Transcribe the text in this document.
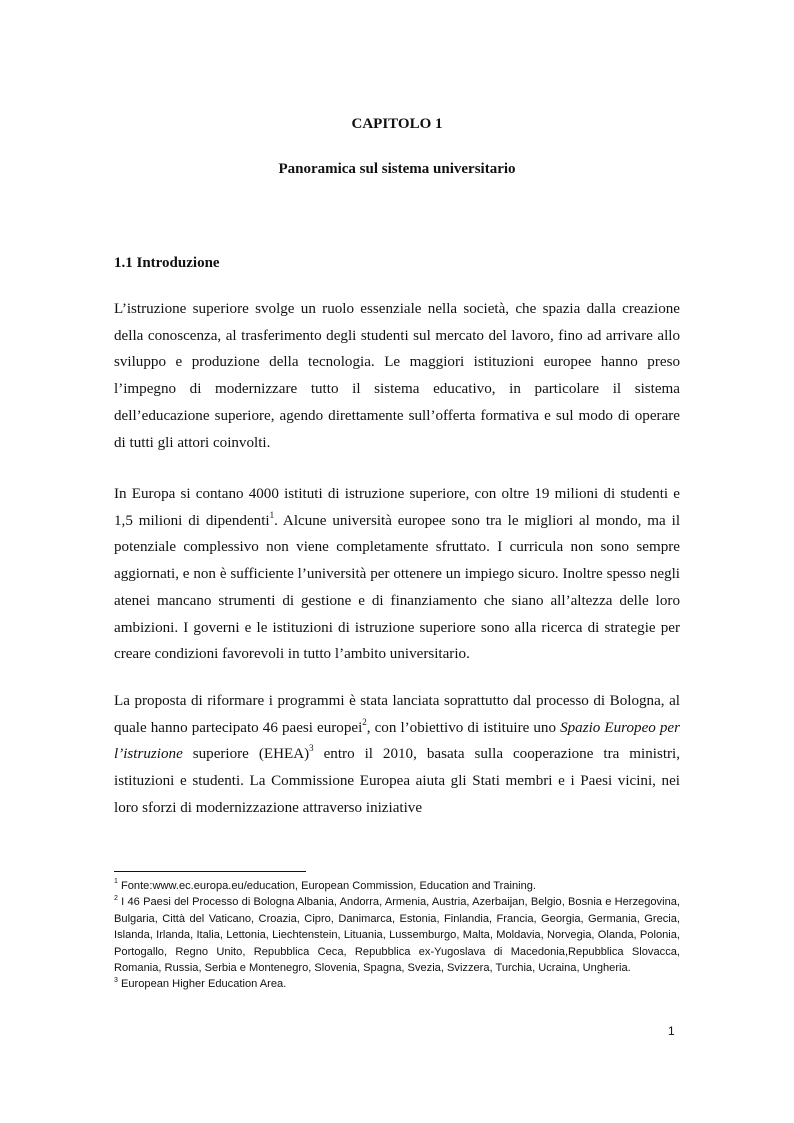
CAPITOLO 1
Panoramica sul sistema universitario
1.1 Introduzione
L’istruzione superiore svolge un ruolo essenziale nella società, che spazia dalla creazione della conoscenza, al trasferimento degli studenti sul mercato del lavoro, fino ad arrivare allo sviluppo e produzione della tecnologia. Le maggiori istituzioni europee hanno preso l’impegno di modernizzare tutto il sistema educativo, in particolare il sistema dell’educazione superiore, agendo direttamente sull’offerta formativa e sul modo di operare di tutti gli attori coinvolti.
In Europa si contano 4000 istituti di istruzione superiore, con oltre 19 milioni di studenti e 1,5 milioni di dipendenti$^1$. Alcune università europee sono tra le migliori al mondo, ma il potenziale complessivo non viene completamente sfruttato. I curricula non sono sempre aggiornati, e non è sufficiente l’università per ottenere un impiego sicuro. Inoltre spesso negli atenei mancano strumenti di gestione e di finanziamento che siano all’altezza delle loro ambizioni. I governi e le istituzioni di istruzione superiore sono alla ricerca di strategie per creare condizioni favorevoli in tutto l’ambito universitario.
La proposta di riformare i programmi è stata lanciata soprattutto dal processo di Bologna, al quale hanno partecipato 46 paesi europei$^2$, con l’obiettivo di istituire uno Spazio Europeo per l’istruzione superiore (EHEA)$^3$ entro il 2010, basata sulla cooperazione tra ministri, istituzioni e studenti. La Commissione Europea aiuta gli Stati membri e i Paesi vicini, nei loro sforzi di modernizzazione attraverso iniziative

$^1$ Fonte:www.ec.europa.eu/education, European Commission, Education and Training.

$^2$ I 46 Paesi del Processo di Bologna Albania, Andorra, Armenia, Austria, Azerbaijan, Belgio, Bosnia e Herzegovina, Bulgaria, Città del Vaticano, Croazia, Cipro, Danimarca, Estonia, Finlandia, Francia, Georgia, Germania, Grecia, Islanda, Irlanda, Italia, Lettonia, Liechtenstein, Lituania, Lussemburgo, Malta, Moldavia, Norvegia, Olanda, Polonia, Portogallo, Regno Unito, Repubblica Ceca, Repubblica ex-Yugoslava di Macedonia,Repubblica Slovacca, Romania, Russia, Serbia e Montenegro, Slovenia, Spagna, Svezia, Svizzera, Turchia, Ucraina, Ungheria.

$^3$ European Higher Education Area.

1
